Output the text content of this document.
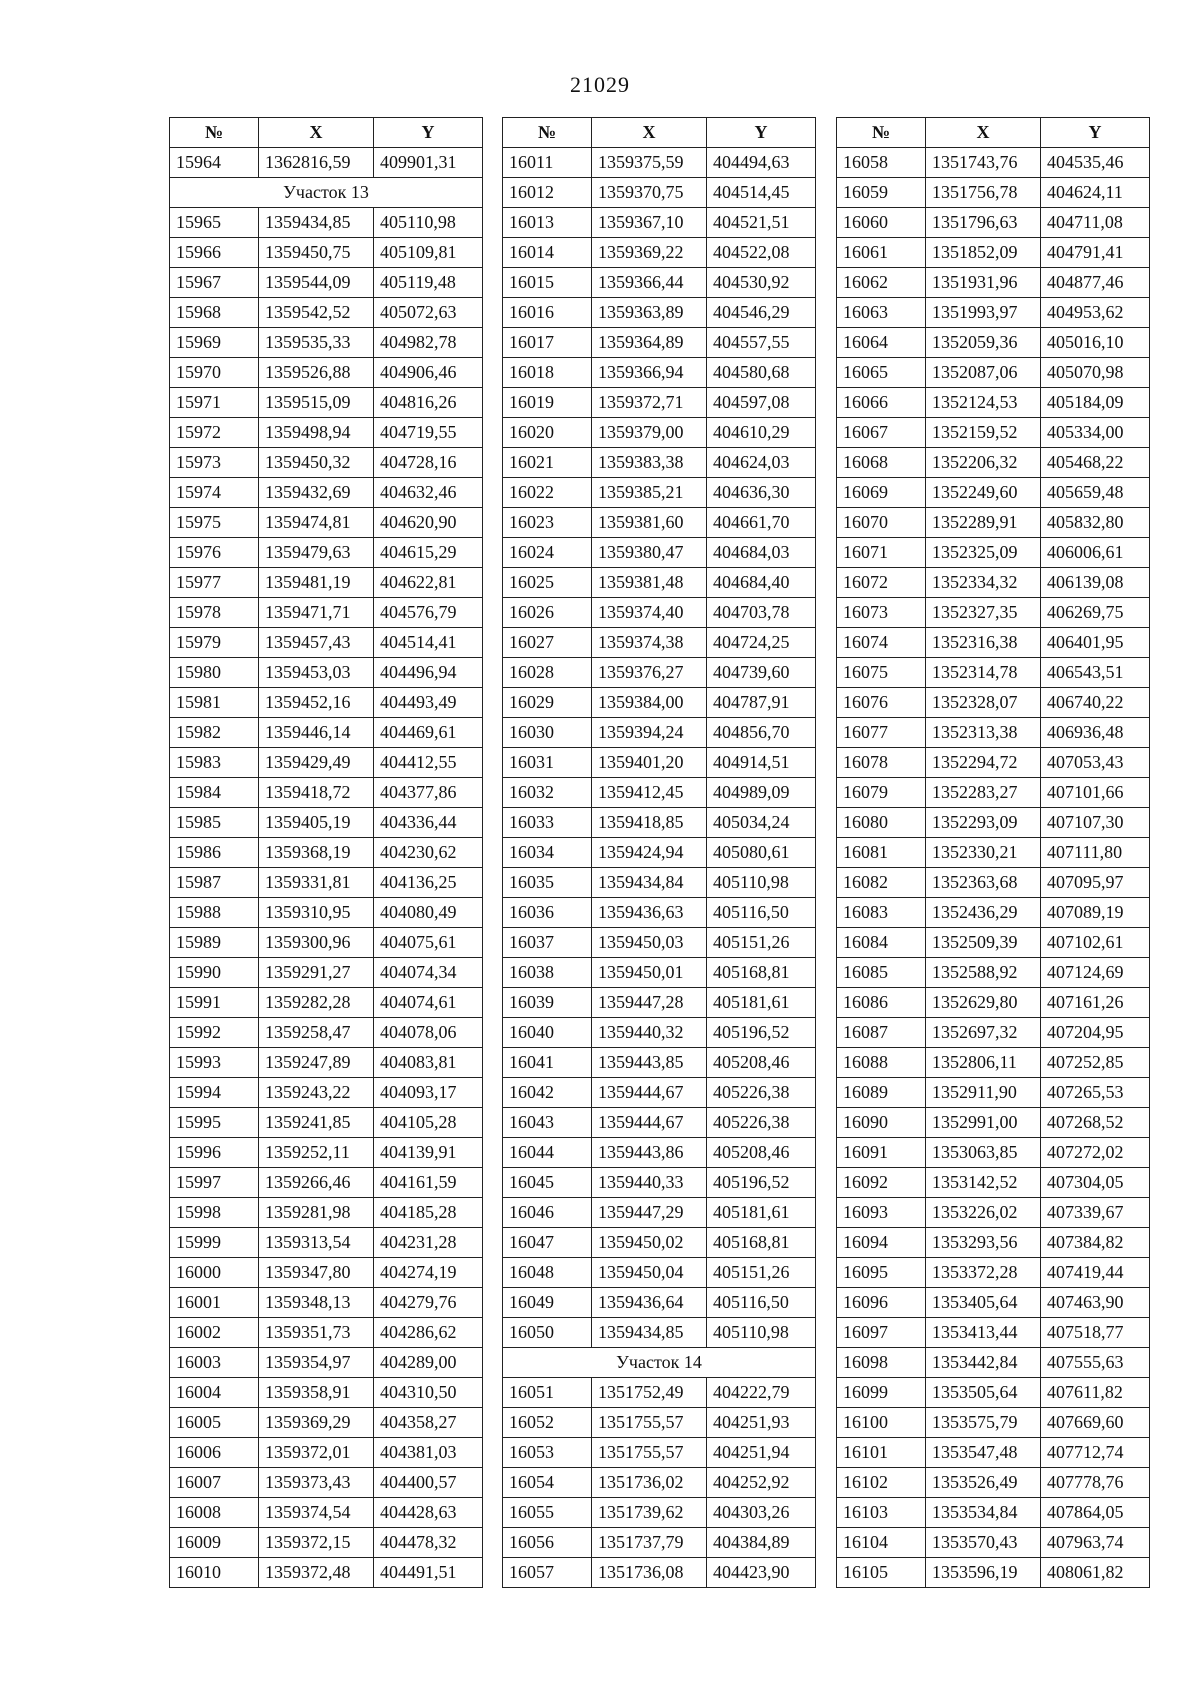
21029
№	X	Y
15964	1362816,59	409901,31
Участок 13		
15965	1359434,85	405110,98
15966	1359450,75	405109,81
15967	1359544,09	405119,48
15968	1359542,52	405072,63
15969	1359535,33	404982,78
15970	1359526,88	404906,46
15971	1359515,09	404816,26
15972	1359498,94	404719,55
15973	1359450,32	404728,16
15974	1359432,69	404632,46
15975	1359474,81	404620,90
15976	1359479,63	404615,29
15977	1359481,19	404622,81
15978	1359471,71	404576,79
15979	1359457,43	404514,41
15980	1359453,03	404496,94
15981	1359452,16	404493,49
15982	1359446,14	404469,61
15983	1359429,49	404412,55
15984	1359418,72	404377,86
15985	1359405,19	404336,44
15986	1359368,19	404230,62
15987	1359331,81	404136,25
15988	1359310,95	404080,49
15989	1359300,96	404075,61
15990	1359291,27	404074,34
15991	1359282,28	404074,61
15992	1359258,47	404078,06
15993	1359247,89	404083,81
15994	1359243,22	404093,17
15995	1359241,85	404105,28
15996	1359252,11	404139,91
15997	1359266,46	404161,59
15998	1359281,98	404185,28
15999	1359313,54	404231,28
16000	1359347,80	404274,19
16001	1359348,13	404279,76
16002	1359351,73	404286,62
16003	1359354,97	404289,00
16004	1359358,91	404310,50
16005	1359369,29	404358,27
16006	1359372,01	404381,03
16007	1359373,43	404400,57
16008	1359374,54	404428,63
16009	1359372,15	404478,32
16010	1359372,48	404491,51
№	X	Y
16011	1359375,59	404494,63
16012	1359370,75	404514,45
16013	1359367,10	404521,51
16014	1359369,22	404522,08
16015	1359366,44	404530,92
16016	1359363,89	404546,29
16017	1359364,89	404557,55
16018	1359366,94	404580,68
16019	1359372,71	404597,08
16020	1359379,00	404610,29
16021	1359383,38	404624,03
16022	1359385,21	404636,30
16023	1359381,60	404661,70
16024	1359380,47	404684,03
16025	1359381,48	404684,40
16026	1359374,40	404703,78
16027	1359374,38	404724,25
16028	1359376,27	404739,60
16029	1359384,00	404787,91
16030	1359394,24	404856,70
16031	1359401,20	404914,51
16032	1359412,45	404989,09
16033	1359418,85	405034,24
16034	1359424,94	405080,61
16035	1359434,84	405110,98
16036	1359436,63	405116,50
16037	1359450,03	405151,26
16038	1359450,01	405168,81
16039	1359447,28	405181,61
16040	1359440,32	405196,52
16041	1359443,85	405208,46
16042	1359444,67	405226,38
16043	1359444,67	405226,38
16044	1359443,86	405208,46
16045	1359440,33	405196,52
16046	1359447,29	405181,61
16047	1359450,02	405168,81
16048	1359450,04	405151,26
16049	1359436,64	405116,50
16050	1359434,85	405110,98
Участок 14		
16051	1351752,49	404222,79
16052	1351755,57	404251,93
16053	1351755,57	404251,94
16054	1351736,02	404252,92
16055	1351739,62	404303,26
16056	1351737,79	404384,89
16057	1351736,08	404423,90
№	X	Y
16058	1351743,76	404535,46
16059	1351756,78	404624,11
16060	1351796,63	404711,08
16061	1351852,09	404791,41
16062	1351931,96	404877,46
16063	1351993,97	404953,62
16064	1352059,36	405016,10
16065	1352087,06	405070,98
16066	1352124,53	405184,09
16067	1352159,52	405334,00
16068	1352206,32	405468,22
16069	1352249,60	405659,48
16070	1352289,91	405832,80
16071	1352325,09	406006,61
16072	1352334,32	406139,08
16073	1352327,35	406269,75
16074	1352316,38	406401,95
16075	1352314,78	406543,51
16076	1352328,07	406740,22
16077	1352313,38	406936,48
16078	1352294,72	407053,43
16079	1352283,27	407101,66
16080	1352293,09	407107,30
16081	1352330,21	407111,80
16082	1352363,68	407095,97
16083	1352436,29	407089,19
16084	1352509,39	407102,61
16085	1352588,92	407124,69
16086	1352629,80	407161,26
16087	1352697,32	407204,95
16088	1352806,11	407252,85
16089	1352911,90	407265,53
16090	1352991,00	407268,52
16091	1353063,85	407272,02
16092	1353142,52	407304,05
16093	1353226,02	407339,67
16094	1353293,56	407384,82
16095	1353372,28	407419,44
16096	1353405,64	407463,90
16097	1353413,44	407518,77
16098	1353442,84	407555,63
16099	1353505,64	407611,82
16100	1353575,79	407669,60
16101	1353547,48	407712,74
16102	1353526,49	407778,76
16103	1353534,84	407864,05
16104	1353570,43	407963,74
16105	1353596,19	408061,82
